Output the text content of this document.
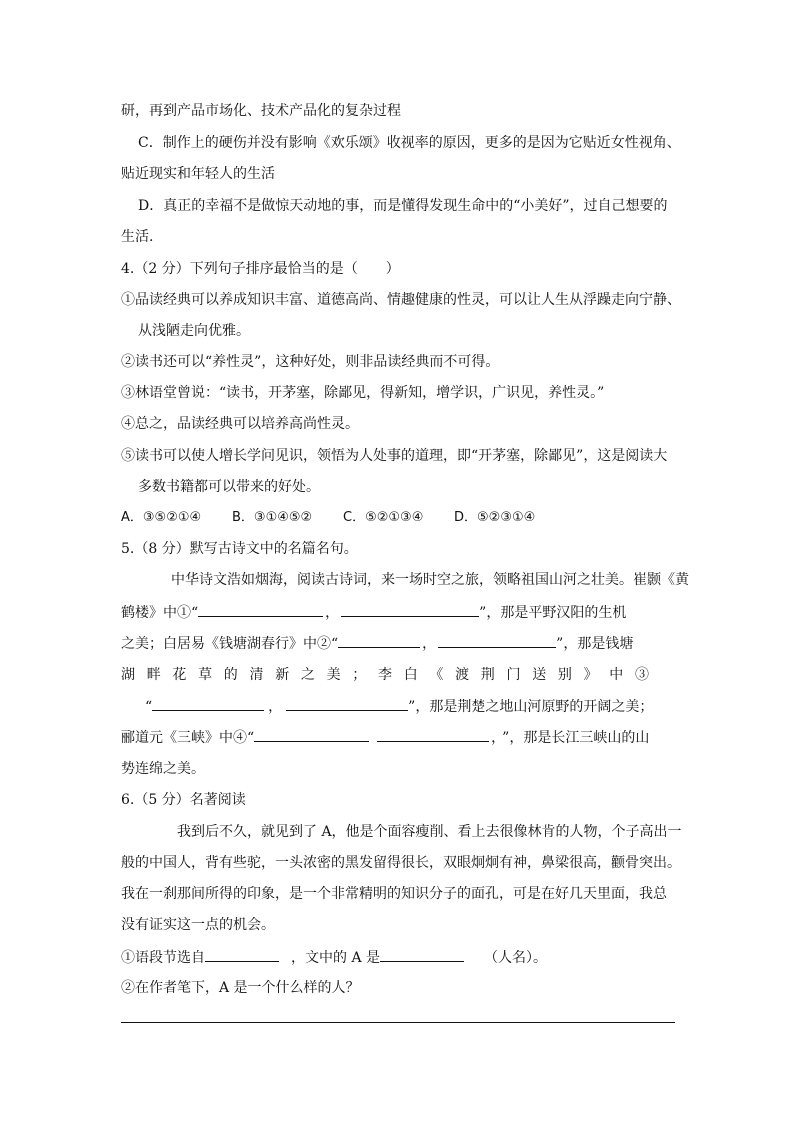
研，再到产品市场化、技术产品化的复杂过程
C．制作上的硬伤并没有影响《欢乐颂》收视率的原因，更多的是因为它贴近女性视角、
贴近现实和年轻人的生活
D．真正的幸福不是做惊天动地的事，而是懂得发现生命中的“小美好”，过自己想要的
生活.
4.（2 分）下列句子排序最恰当的是（　　）
①品读经典可以养成知识丰富、道德高尚、情趣健康的性灵，可以让人生从浮躁走向宁静、
从浅陋走向优雅。
②读书还可以“养性灵”，这种好处，则非品读经典而不可得。
③林语堂曾说：“读书，开茅塞，除鄙见，得新知，增学识，广识见，养性灵。”
④总之，品读经典可以培养高尚性灵。
⑤读书可以使人增长学问见识，领悟为人处事的道理，即“开茅塞，除鄙见”，这是阅读大
多数书籍都可以带来的好处。
A．③⑤②①④ B．③①④⑤② C．⑤②①③④ D．⑤②③①④
5.（8 分）默写古诗文中的名篇名句。
中华诗文浩如烟海，阅读古诗词，来一场时空之旅，领略祖国山河之壮美。崔颢《黄
鹤楼》中①“	，	”，那是平野汉阳的生机
之美；白居易《钱塘湖春行》中②“	，	”，那是钱塘
湖畔花草的清新之美；李白《渡荆门送别》中③
“	，	”，那是荆楚之地山河原野的开阔之美；
郦道元《三峡》中④“	， ”，那是长江三峡山的山
势连绵之美。
6.（5 分）名著阅读
我到后不久，就见到了 A，他是个面容瘦削、看上去很像林肯的人物，个子高出一
般的中国人，背有些驼，一头浓密的黑发留得很长，双眼炯炯有神，鼻梁很高，颧骨突出。
我在一刹那间所得的印象，是一个非常精明的知识分子的面孔，可是在好几天里面，我总
没有证实这一点的机会。
①语段节选自	，文中的 A 是	（人名）。
②在作者笔下，A 是一个什么样的人？
